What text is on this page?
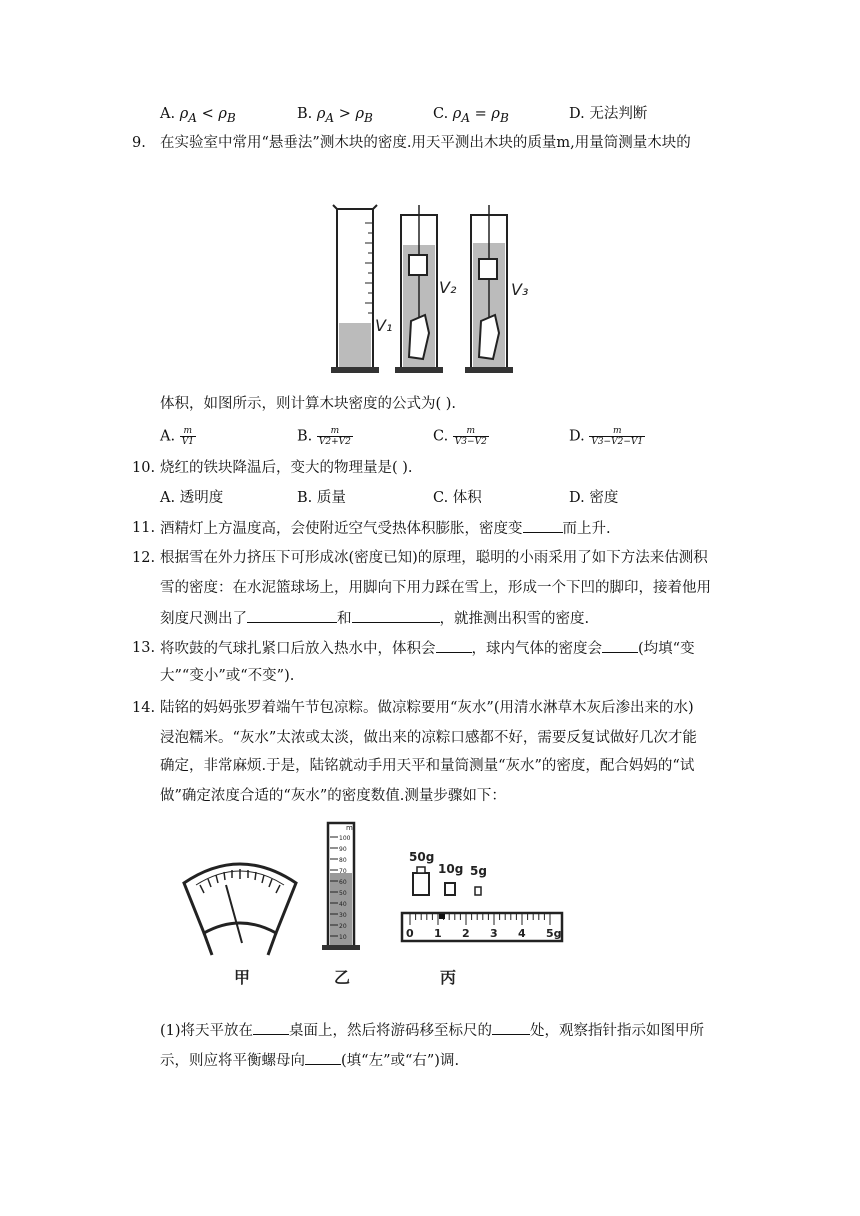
A. $\rho_A < \rho_B$	B. $\rho_A > \rho_B$	C. $\rho_A = \rho_B$	D. 无法判断
9. 在实验室中常用“悬垂法”测木块的密度.用天平测出木块的质量m,用量筒测量木块的
V₁
V₂	V₃
体积，如图所示，则计算木块密度的公式为( ).
A. $\frac{m}{V1}$	B. $\frac{m}{V2+V2}$	C. $\frac{m}{V3-V2}$	D. $\frac{m}{V3-V2-V1}$
10. 烧红的铁块降温后，变大的物理量是( ).
A. 透明度	B. 质量	C. 体积	D. 密度
11. 酒精灯上方温度高，会使附近空气受热体积膨胀，密度变	而上升.
12. 根据雪在外力挤压下可形成冰(密度已知)的原理，聪明的小雨采用了如下方法来估测积
雪的密度：在水泥篮球场上，用脚向下用力踩在雪上，形成一个下凹的脚印，接着他用
刻度尺测出了	和	，就推测出积雪的密度.
13. 将吹鼓的气球扎紧口后放入热水中，体积会 ，球内气体的密度会 (均填“变
大”“变小”或“不变”).
14. 陆铭的妈妈张罗着端午节包凉粽。做凉粽要用“灰水”(用清水淋草木灰后渗出来的水)
浸泡糯米。“灰水”太浓或太淡，做出来的凉粽口感都不好，需要反复试做好几次才能
确定，非常麻烦.于是，陆铭就动手用天平和量筒测量“灰水”的密度，配合妈妈的“试
做”确定浓度合适的“灰水”的密度数值.测量步骤如下：
甲
ml
100
90
80
70
60
50
40
30
20
10
乙
50g
10g 5g
0 1 2 3 4 5g
丙
(1)将天平放在 桌面上，然后将游码移至标尺的	处，观察指针指示如图甲所
示，则应将平衡螺母向 (填“左”或“右”)调.
